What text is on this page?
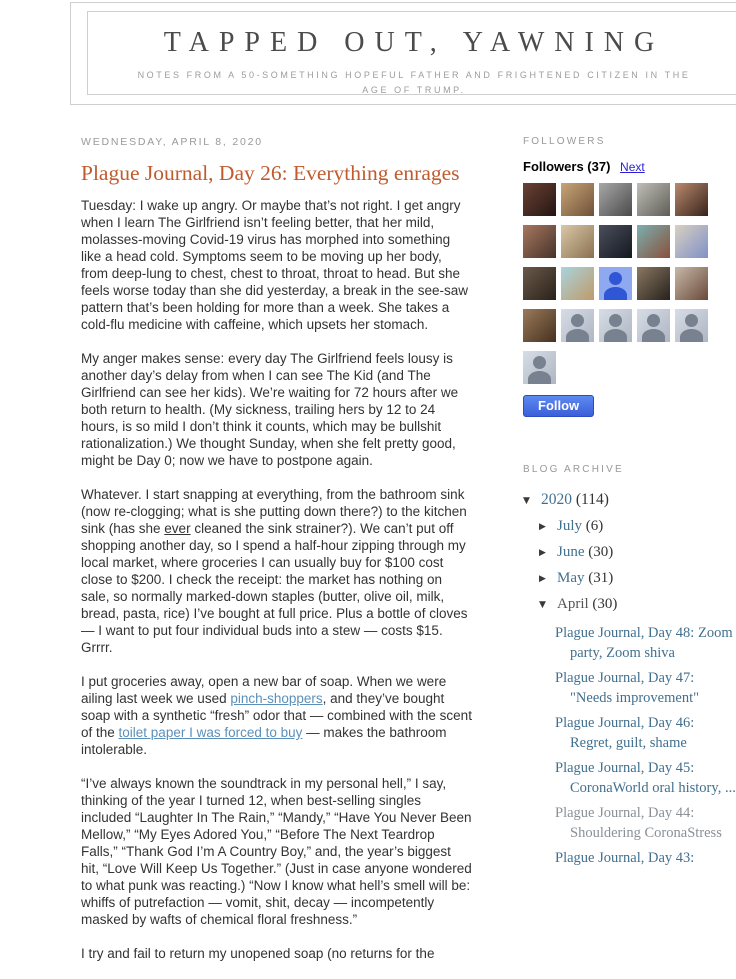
TAPPED OUT, YAWNING
NOTES FROM A 50-SOMETHING HOPEFUL FATHER AND FRIGHTENED CITIZEN IN THE AGE OF TRUMP.
WEDNESDAY, APRIL 8, 2020
Plague Journal, Day 26: Everything enrages

Tuesday: I wake up angry. Or maybe that’s not right. I get angry when I learn The Girlfriend isn’t feeling better, that her mild, molasses-moving Covid-19 virus has morphed into something like a head cold. Symptoms seem to be moving up her body, from deep-lung to chest, chest to throat, throat to head. But she feels worse today than she did yesterday, a break in the see-saw pattern that’s been holding for more than a week. She takes a cold-flu medicine with caffeine, which upsets her stomach.

My anger makes sense: every day The Girlfriend feels lousy is another day’s delay from when I can see The Kid (and The Girlfriend can see her kids). We’re waiting for 72 hours after we both return to health. (My sickness, trailing hers by 12 to 24 hours, is so mild I don’t think it counts, which may be bullshit rationalization.) We thought Sunday, when she felt pretty good, might be Day 0; now we have to postpone again.

Whatever. I start snapping at everything, from the bathroom sink (now re-clogging; what is she putting down there?) to the kitchen sink (has she ever cleaned the sink strainer?). We can’t put off shopping another day, so I spend a half-hour zipping through my local market, where groceries I can usually buy for $100 cost close to $200. I check the receipt: the market has nothing on sale, so normally marked-down staples (butter, olive oil, milk, bread, pasta, rice) I’ve bought at full price. Plus a bottle of cloves — I want to put four individual buds into a stew — costs $15. Grrrr.

I put groceries away, open a new bar of soap. When we were ailing last week we used pinch-shoppers, and they’ve bought soap with a synthetic “fresh” odor that — combined with the scent of the toilet paper I was forced to buy — makes the bathroom intolerable.

“I’ve always known the soundtrack in my personal hell,” I say, thinking of the year I turned 12, when best-selling singles included “Laughter In The Rain,” “Mandy,” “Have You Never Been Mellow,” “My Eyes Adored You,” “Before The Next Teardrop Falls,” “Thank God I’m A Country Boy,” and, the year’s biggest hit, “Love Will Keep Us Together.” (Just in case anyone wondered to what punk was reacting.) “Now I know what hell’s smell will be: whiffs of putrefaction — vomit, shit, decay — incompetently masked by wafts of chemical floral freshness.”

I try and fail to return my unopened soap (no returns for the

FOLLOWERS
Followers (37) Next
Follow
BLOG ARCHIVE
▼ 2020 (114)
▶ July (6)
▶ June (30)
▶ May (31)
▼ April (30)
Plague Journal, Day 48: Zoom party, Zoom shiva
Plague Journal, Day 47: "Needs improvement"
Plague Journal, Day 46: Regret, guilt, shame
Plague Journal, Day 45: CoronaWorld oral history, ...
Plague Journal, Day 44: Shouldering CoronaStress
Plague Journal, Day 43:
